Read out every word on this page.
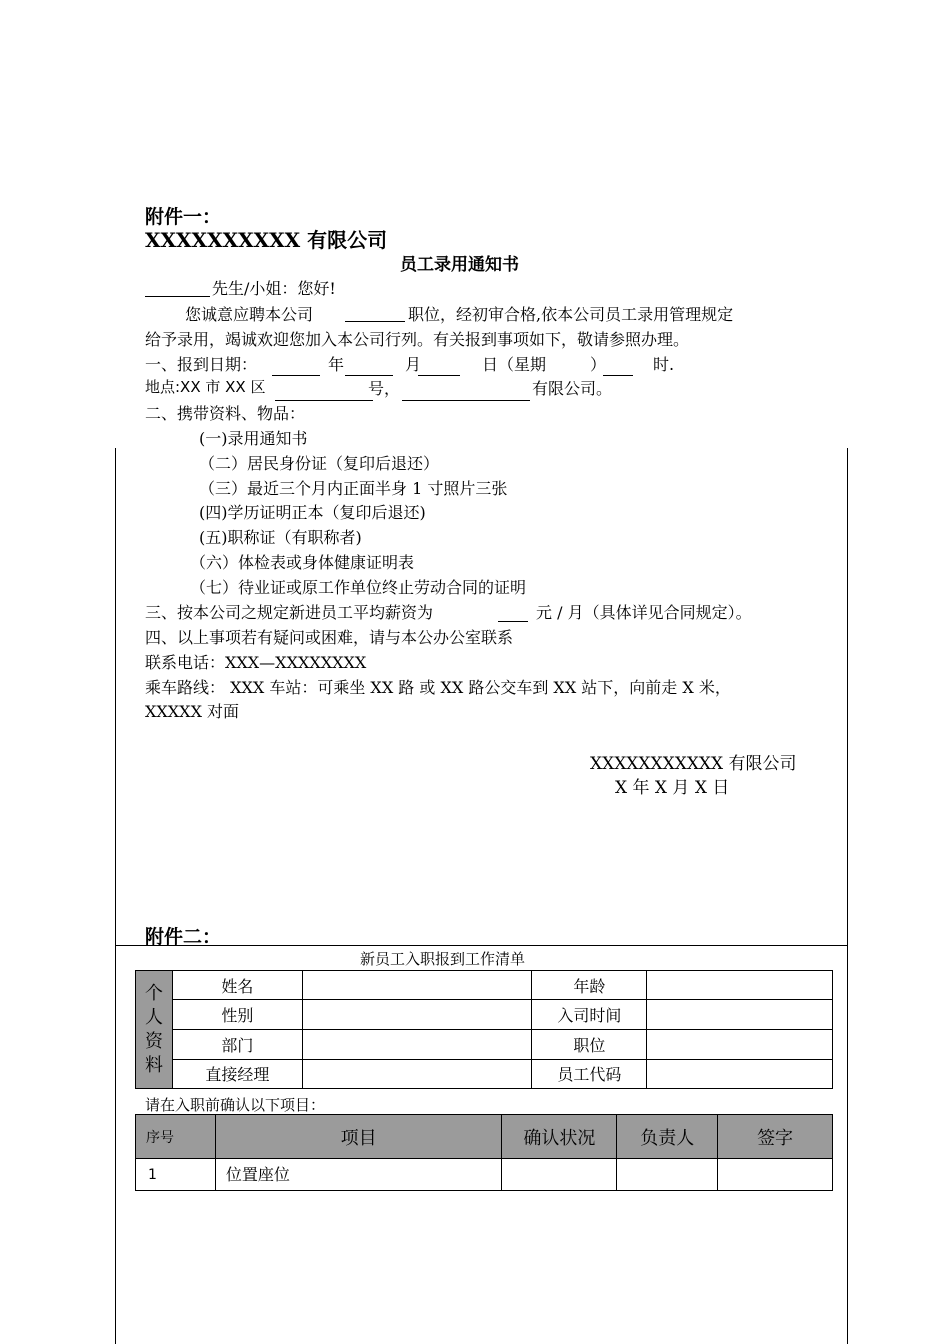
附件一：
XXXXXXXXXX 有限公司
员工录用通知书
先生/小姐：您好!
您诚意应聘本公司	职位，经初审合格,依本公司员工录用管理规定
给予录用，竭诚欢迎您加入本公司行列。有关报到事项如下，敬请参照办理。
一、报到日期：	年	月	日（星期	）	时.
地点:XX 市 XX 区	号，	有限公司。
二、携带资料、物品：
(一)录用通知书
（二）居民身份证（复印后退还）
（三）最近三个月内正面半身 1 寸照片三张
(四)学历证明正本（复印后退还)
(五)职称证（有职称者)
（六）体检表或身体健康证明表
（七）待业证或原工作单位终止劳动合同的证明
三、按本公司之规定新进员工平均薪资为	元 / 月（具体详见合同规定）。
四、以上事项若有疑问或困难，请与本公办公室联系
联系电话：XXX—XXXXXXXX
乘车路线： XXX 车站：可乘坐 XX 路 或 XX 路公交车到 XX 站下，向前走 X 米，
XXXXX 对面
XXXXXXXXXXX 有限公司
X 年 X 月 X 日
附件二：
新员工入职报到工作清单
个
人
资
料	姓名		年龄	
	性别		入司时间	
	部门		职位	
	直接经理		员工代码	
请在入职前确认以下项目：
序号	项目	确认状况	负责人	签字
1	位置座位			
